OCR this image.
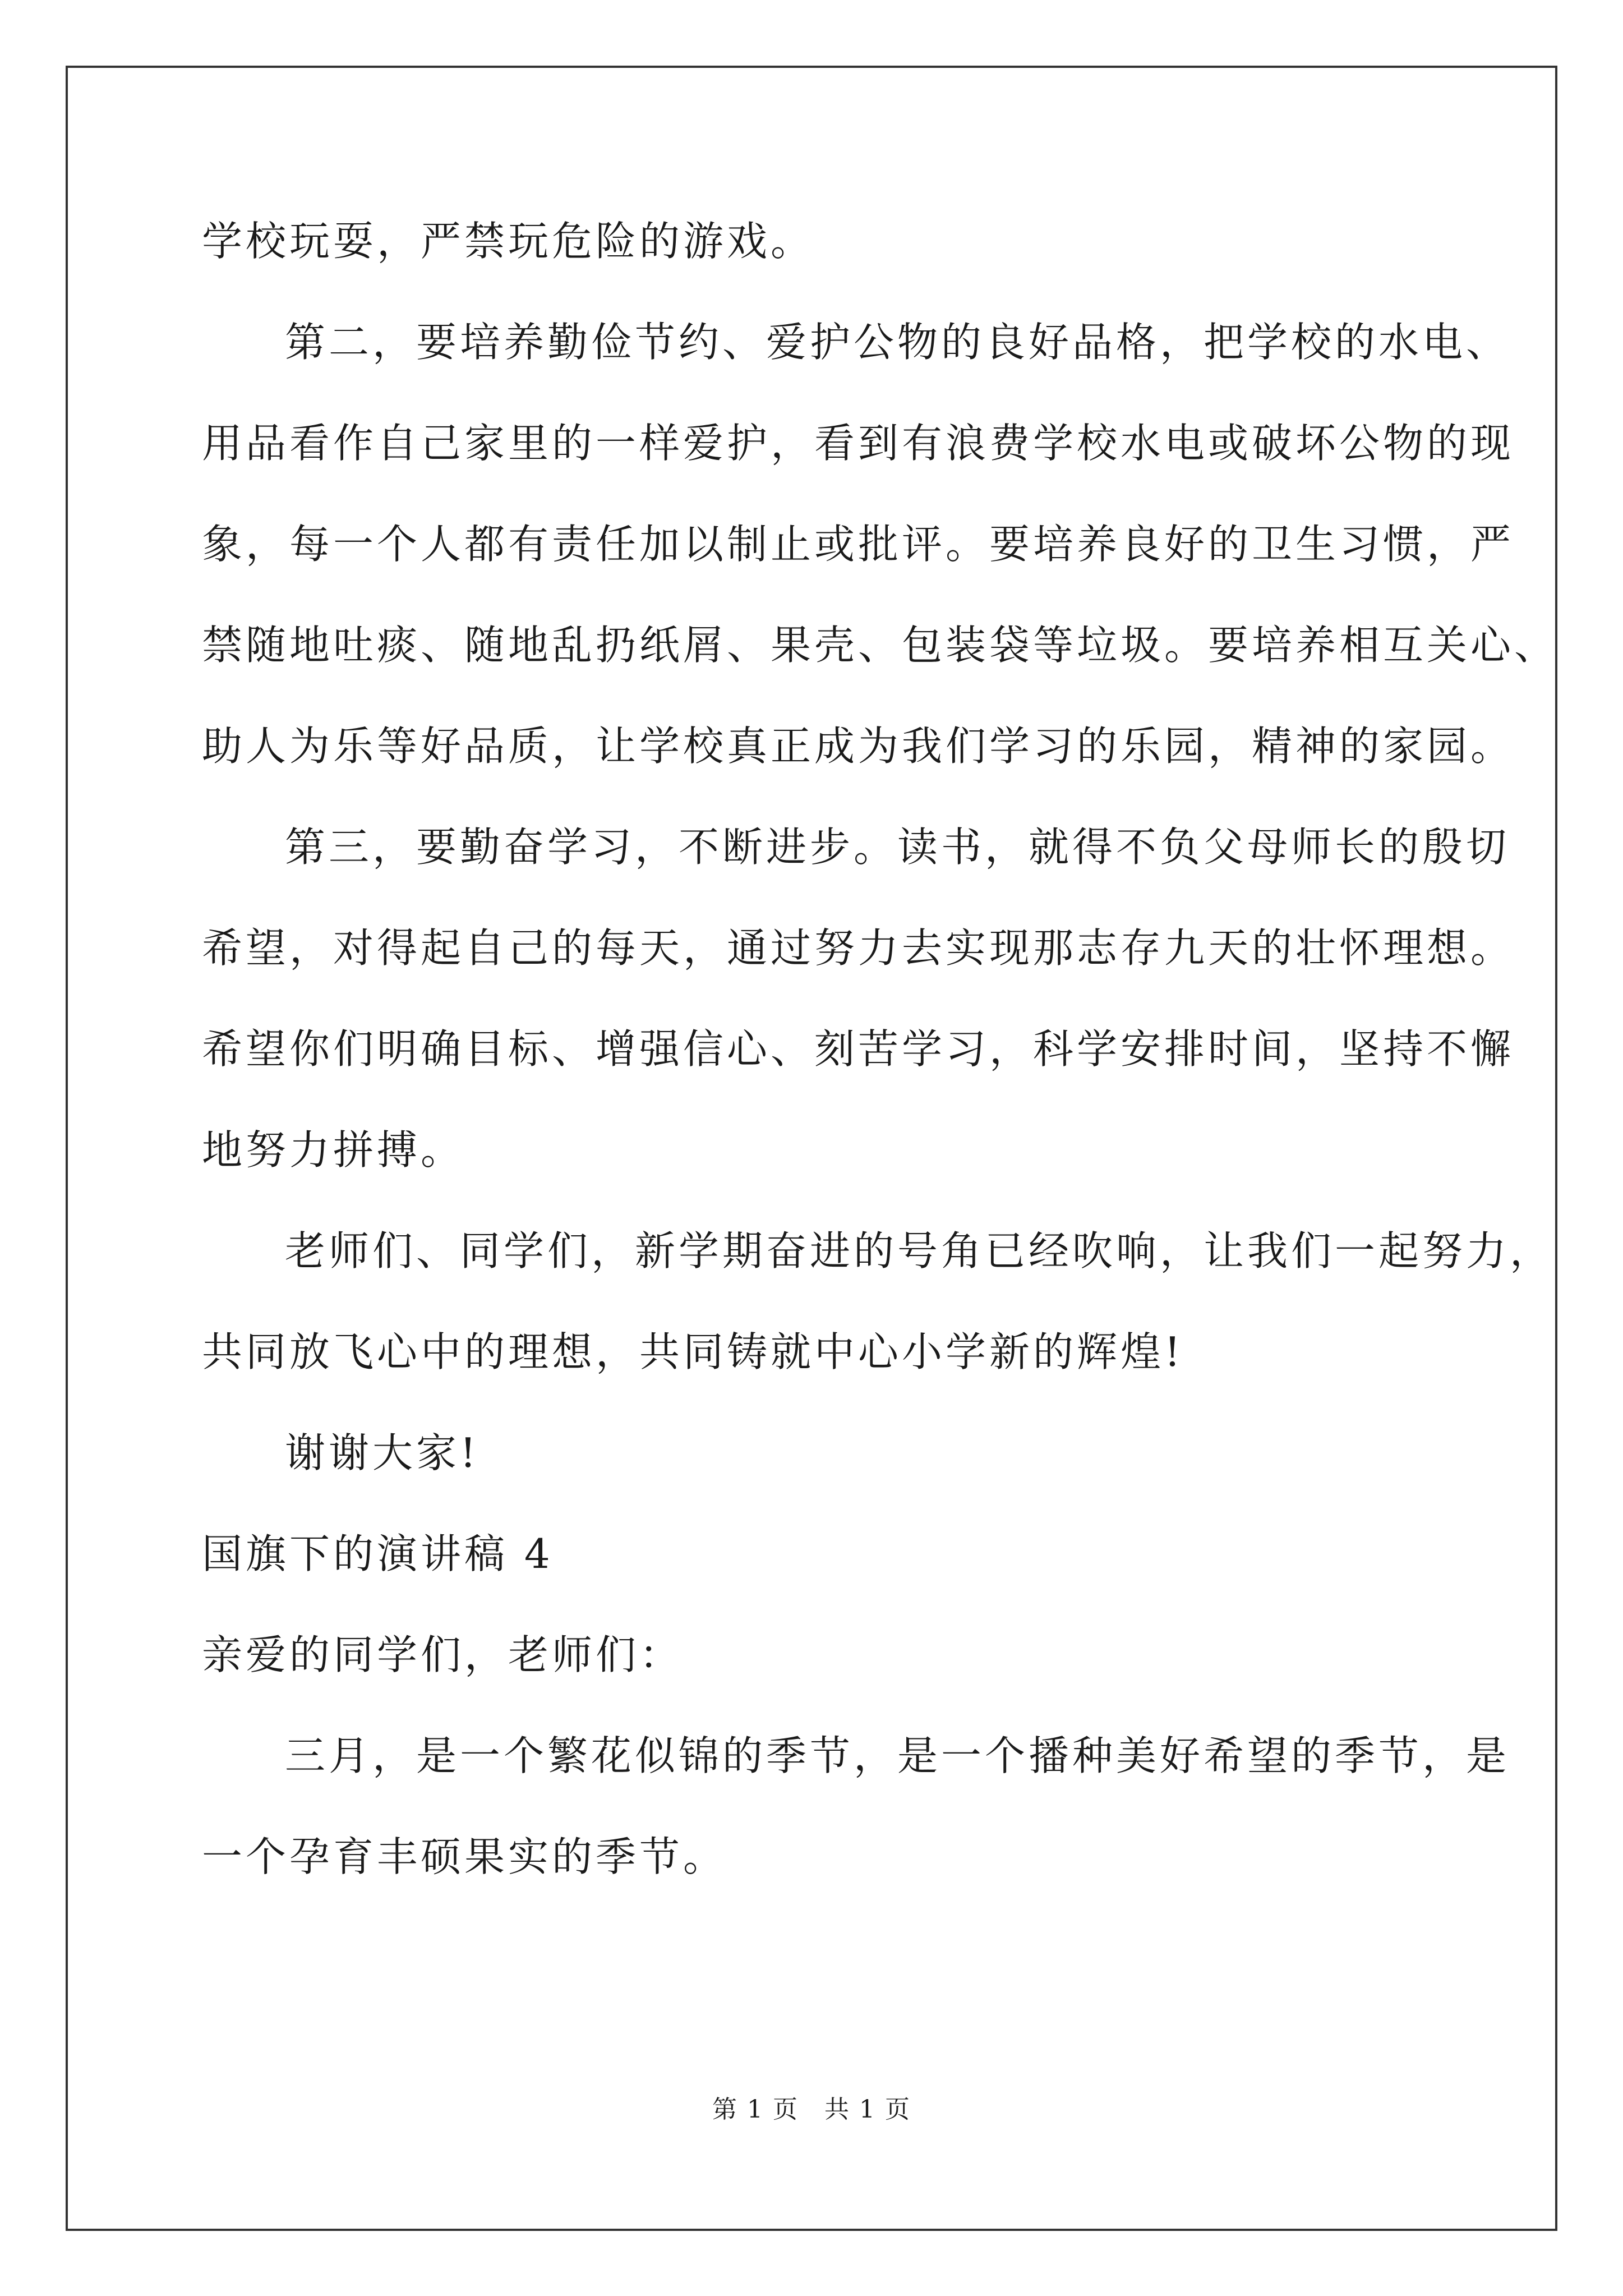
学校玩耍，严禁玩危险的游戏。
第二，要培养勤俭节约、爱护公物的良好品格，把学校的水电、
用品看作自己家里的一样爱护，看到有浪费学校水电或破坏公物的现
象，每一个人都有责任加以制止或批评。要培养良好的卫生习惯，严
禁随地吐痰、随地乱扔纸屑、果壳、包装袋等垃圾。要培养相互关心、
助人为乐等好品质，让学校真正成为我们学习的乐园，精神的家园。
第三，要勤奋学习，不断进步。读书，就得不负父母师长的殷切
希望，对得起自己的每天，通过努力去实现那志存九天的壮怀理想。
希望你们明确目标、增强信心、刻苦学习，科学安排时间，坚持不懈
地努力拼搏。
老师们、同学们，新学期奋进的号角已经吹响，让我们一起努力，
共同放飞心中的理想，共同铸就中心小学新的辉煌!
谢谢大家!
国旗下的演讲稿 4
亲爱的同学们，老师们：
三月，是一个繁花似锦的季节，是一个播种美好希望的季节，是
一个孕育丰硕果实的季节。
第 1 页　共 1 页
